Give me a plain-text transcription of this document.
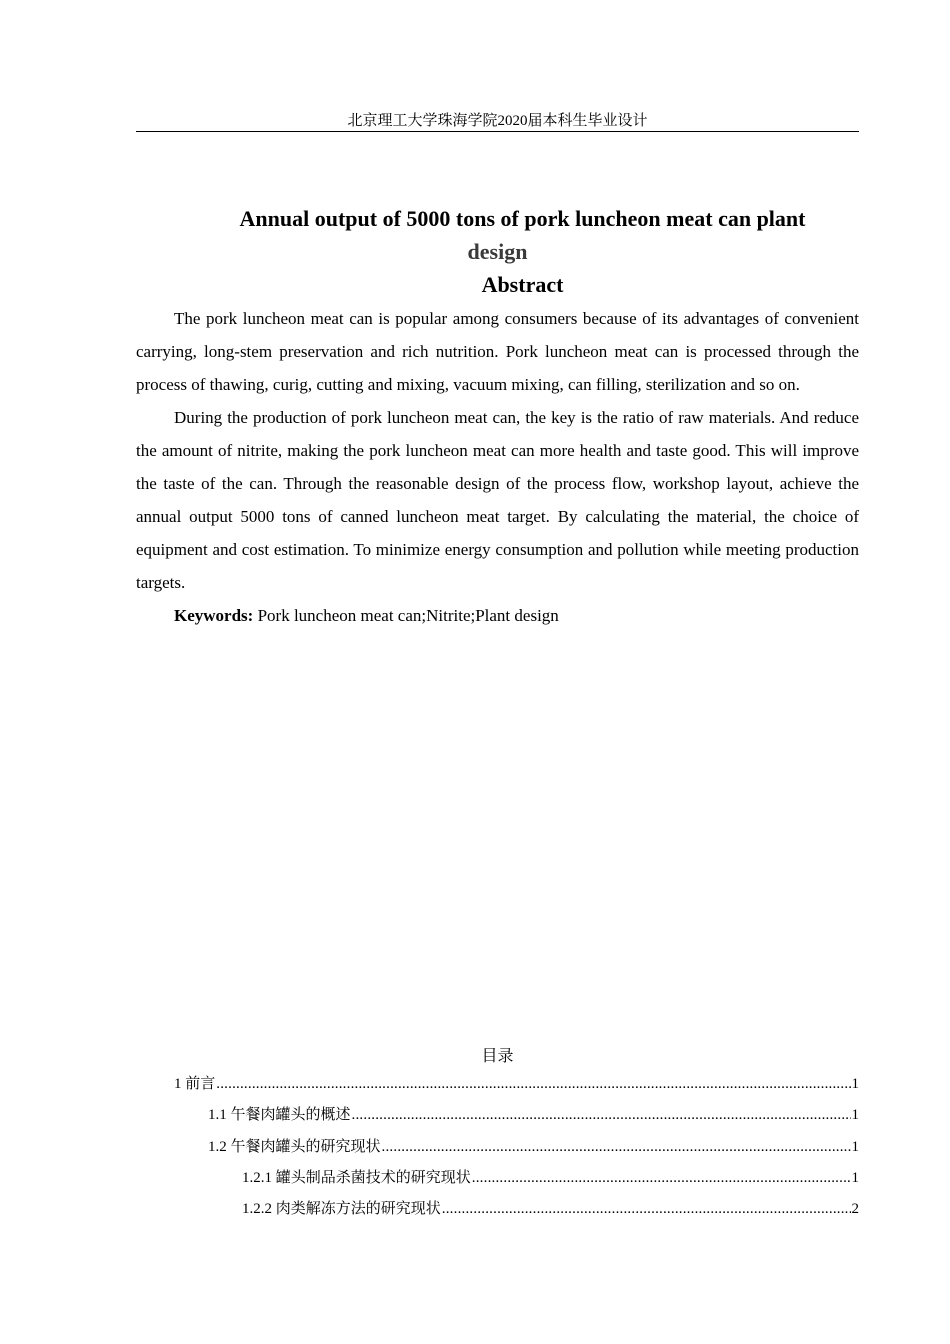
北京理工大学珠海学院2020届本科生毕业设计
Annual output of 5000 tons of pork luncheon meat can plant
design
Abstract

The pork luncheon meat can is popular among consumers because of its advantages of convenient carrying, long-stem preservation and rich nutrition. Pork luncheon meat can is processed through the process of thawing, curig, cutting and mixing, vacuum mixing, can filling, sterilization and so on.

During the production of pork luncheon meat can, the key is the ratio of raw materials. And reduce the amount of nitrite, making the pork luncheon meat can more health and taste good. This will improve the taste of the can. Through the reasonable design of the process flow, workshop layout, achieve the annual output 5000 tons of canned luncheon meat target. By calculating the material, the choice of equipment and cost estimation. To minimize energy consumption and pollution while meeting production targets.

Keywords: Pork luncheon meat can;Nitrite;Plant design

目录
1 前言 .....	1
1.1 午餐肉罐头的概述 .....	1
1.2 午餐肉罐头的研究现状 .....	1
1.2.1 罐头制品杀菌技术的研究现状 .....	1
1.2.2 肉类解冻方法的研究现状 .....	2
